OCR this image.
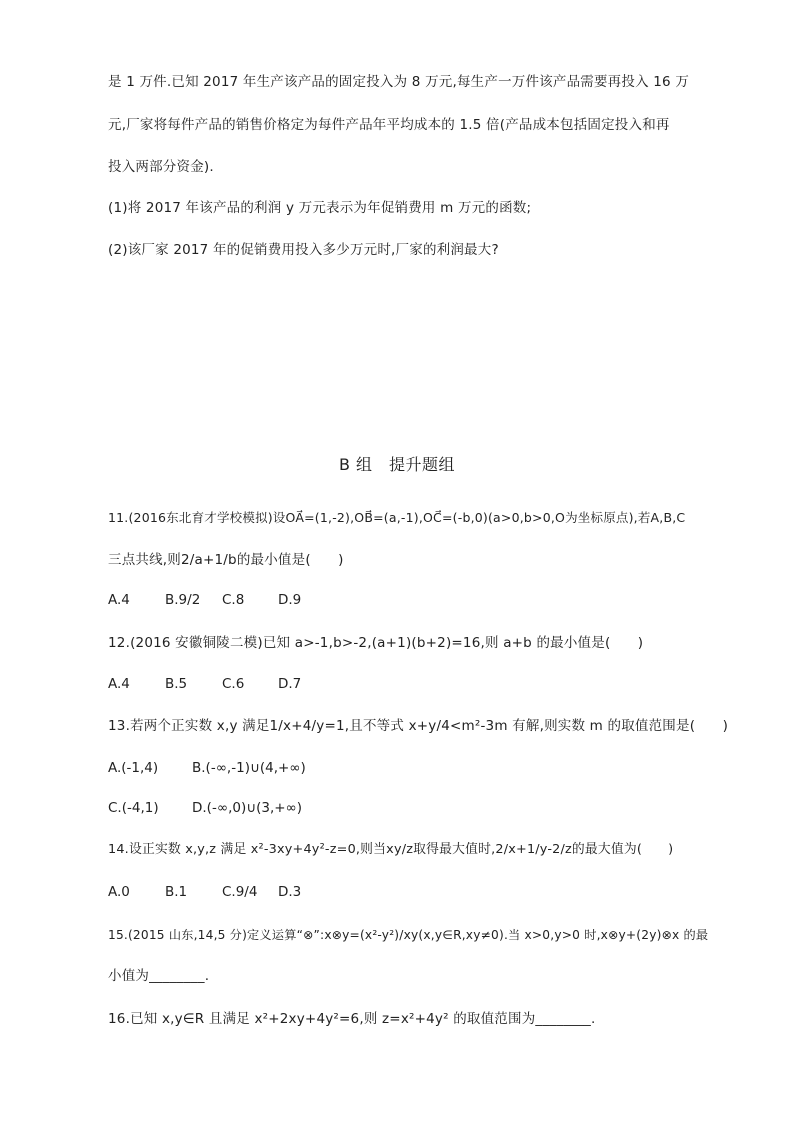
是 1 万件.已知 2017 年生产该产品的固定投入为 8 万元,每生产一万件该产品需要再投入 16 万
元,厂家将每件产品的销售价格定为每件产品年平均成本的 1.5 倍(产品成本包括固定投入和再
投入两部分资金).
(1)将 2017 年该产品的利润 y 万元表示为年促销费用 m 万元的函数;
(2)该厂家 2017 年的促销费用投入多少万元时,厂家的利润最大?
B 组　提升题组
11.(2016东北育才学校模拟)设OA⃗=(1,-2),OB⃗=(a,-1),OC⃗=(-b,0)(a>0,b>0,O为坐标原点),若A,B,C
三点共线,则2/a+1/b的最小值是(　　)
A.4	B.9/2 C.8 D.9
12.(2016 安徽铜陵二模)已知 a>-1,b>-2,(a+1)(b+2)=16,则 a+b 的最小值是(　　)
A.4	B.5	C.6 D.7
13.若两个正实数 x,y 满足1/x+4/y=1,且不等式 x+y/4<m²-3m 有解,则实数 m 的取值范围是(　　)
A.(-1,4)	B.(-∞,-1)∪(4,+∞)
C.(-4,1) D.(-∞,0)∪(3,+∞)
14.设正实数 x,y,z 满足 x²-3xy+4y²-z=0,则当xy/z取得最大值时,2/x+1/y-2/z的最大值为(　　)
A.0	B.1	C.9/4 D.3
15.(2015 山东,14,5 分)定义运算“⊗”:x⊗y=(x²-y²)/xy(x,y∈R,xy≠0).当 x>0,y>0 时,x⊗y+(2y)⊗x 的最
小值为________.
16.已知 x,y∈R 且满足 x²+2xy+4y²=6,则 z=x²+4y² 的取值范围为________.
